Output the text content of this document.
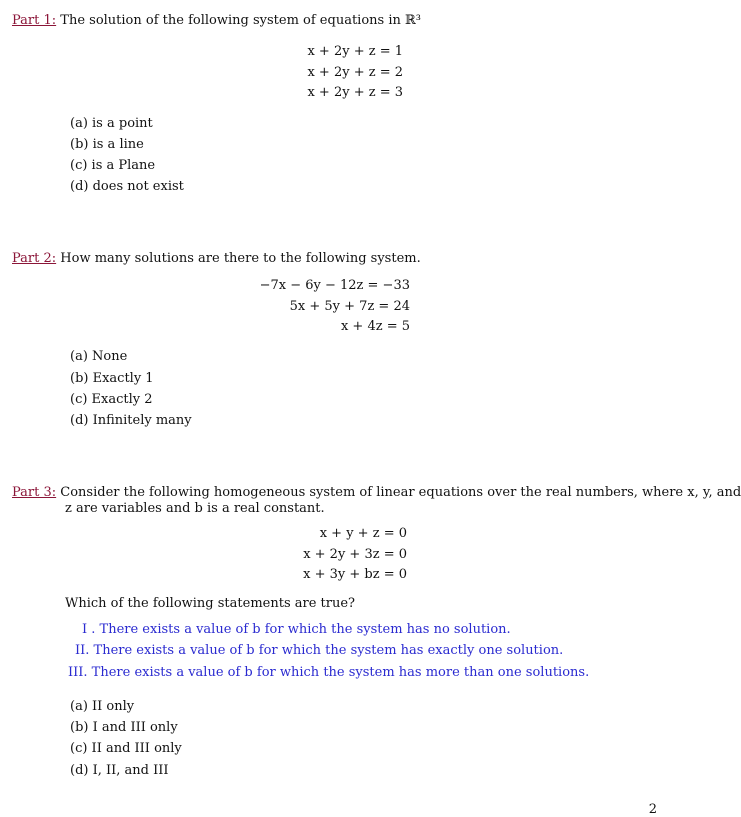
Part 1: The solution of the following system of equations in ℝ³
x + 2y + z = 1
x + 2y + z = 2
x + 2y + z = 3
(a) is a point
(b) is a line
(c) is a Plane
(d) does not exist
Part 2: How many solutions are there to the following system.
−7x − 6y − 12z = −33
5x + 5y + 7z = 24
x + 4z = 5
(a) None
(b) Exactly 1
(c) Exactly 2
(d) Infinitely many
Part 3: Consider the following homogeneous system of linear equations over the real numbers, where x, y, and
z are variables and b is a real constant.
x + y + z = 0
x + 2y + 3z = 0
x + 3y + bz = 0
Which of the following statements are true?
I . There exists a value of b for which the system has no solution.
II. There exists a value of b for which the system has exactly one solution.
III. There exists a value of b for which the system has more than one solutions.
(a) II only
(b) I and III only
(c) II and III only
(d) I, II, and III
2
